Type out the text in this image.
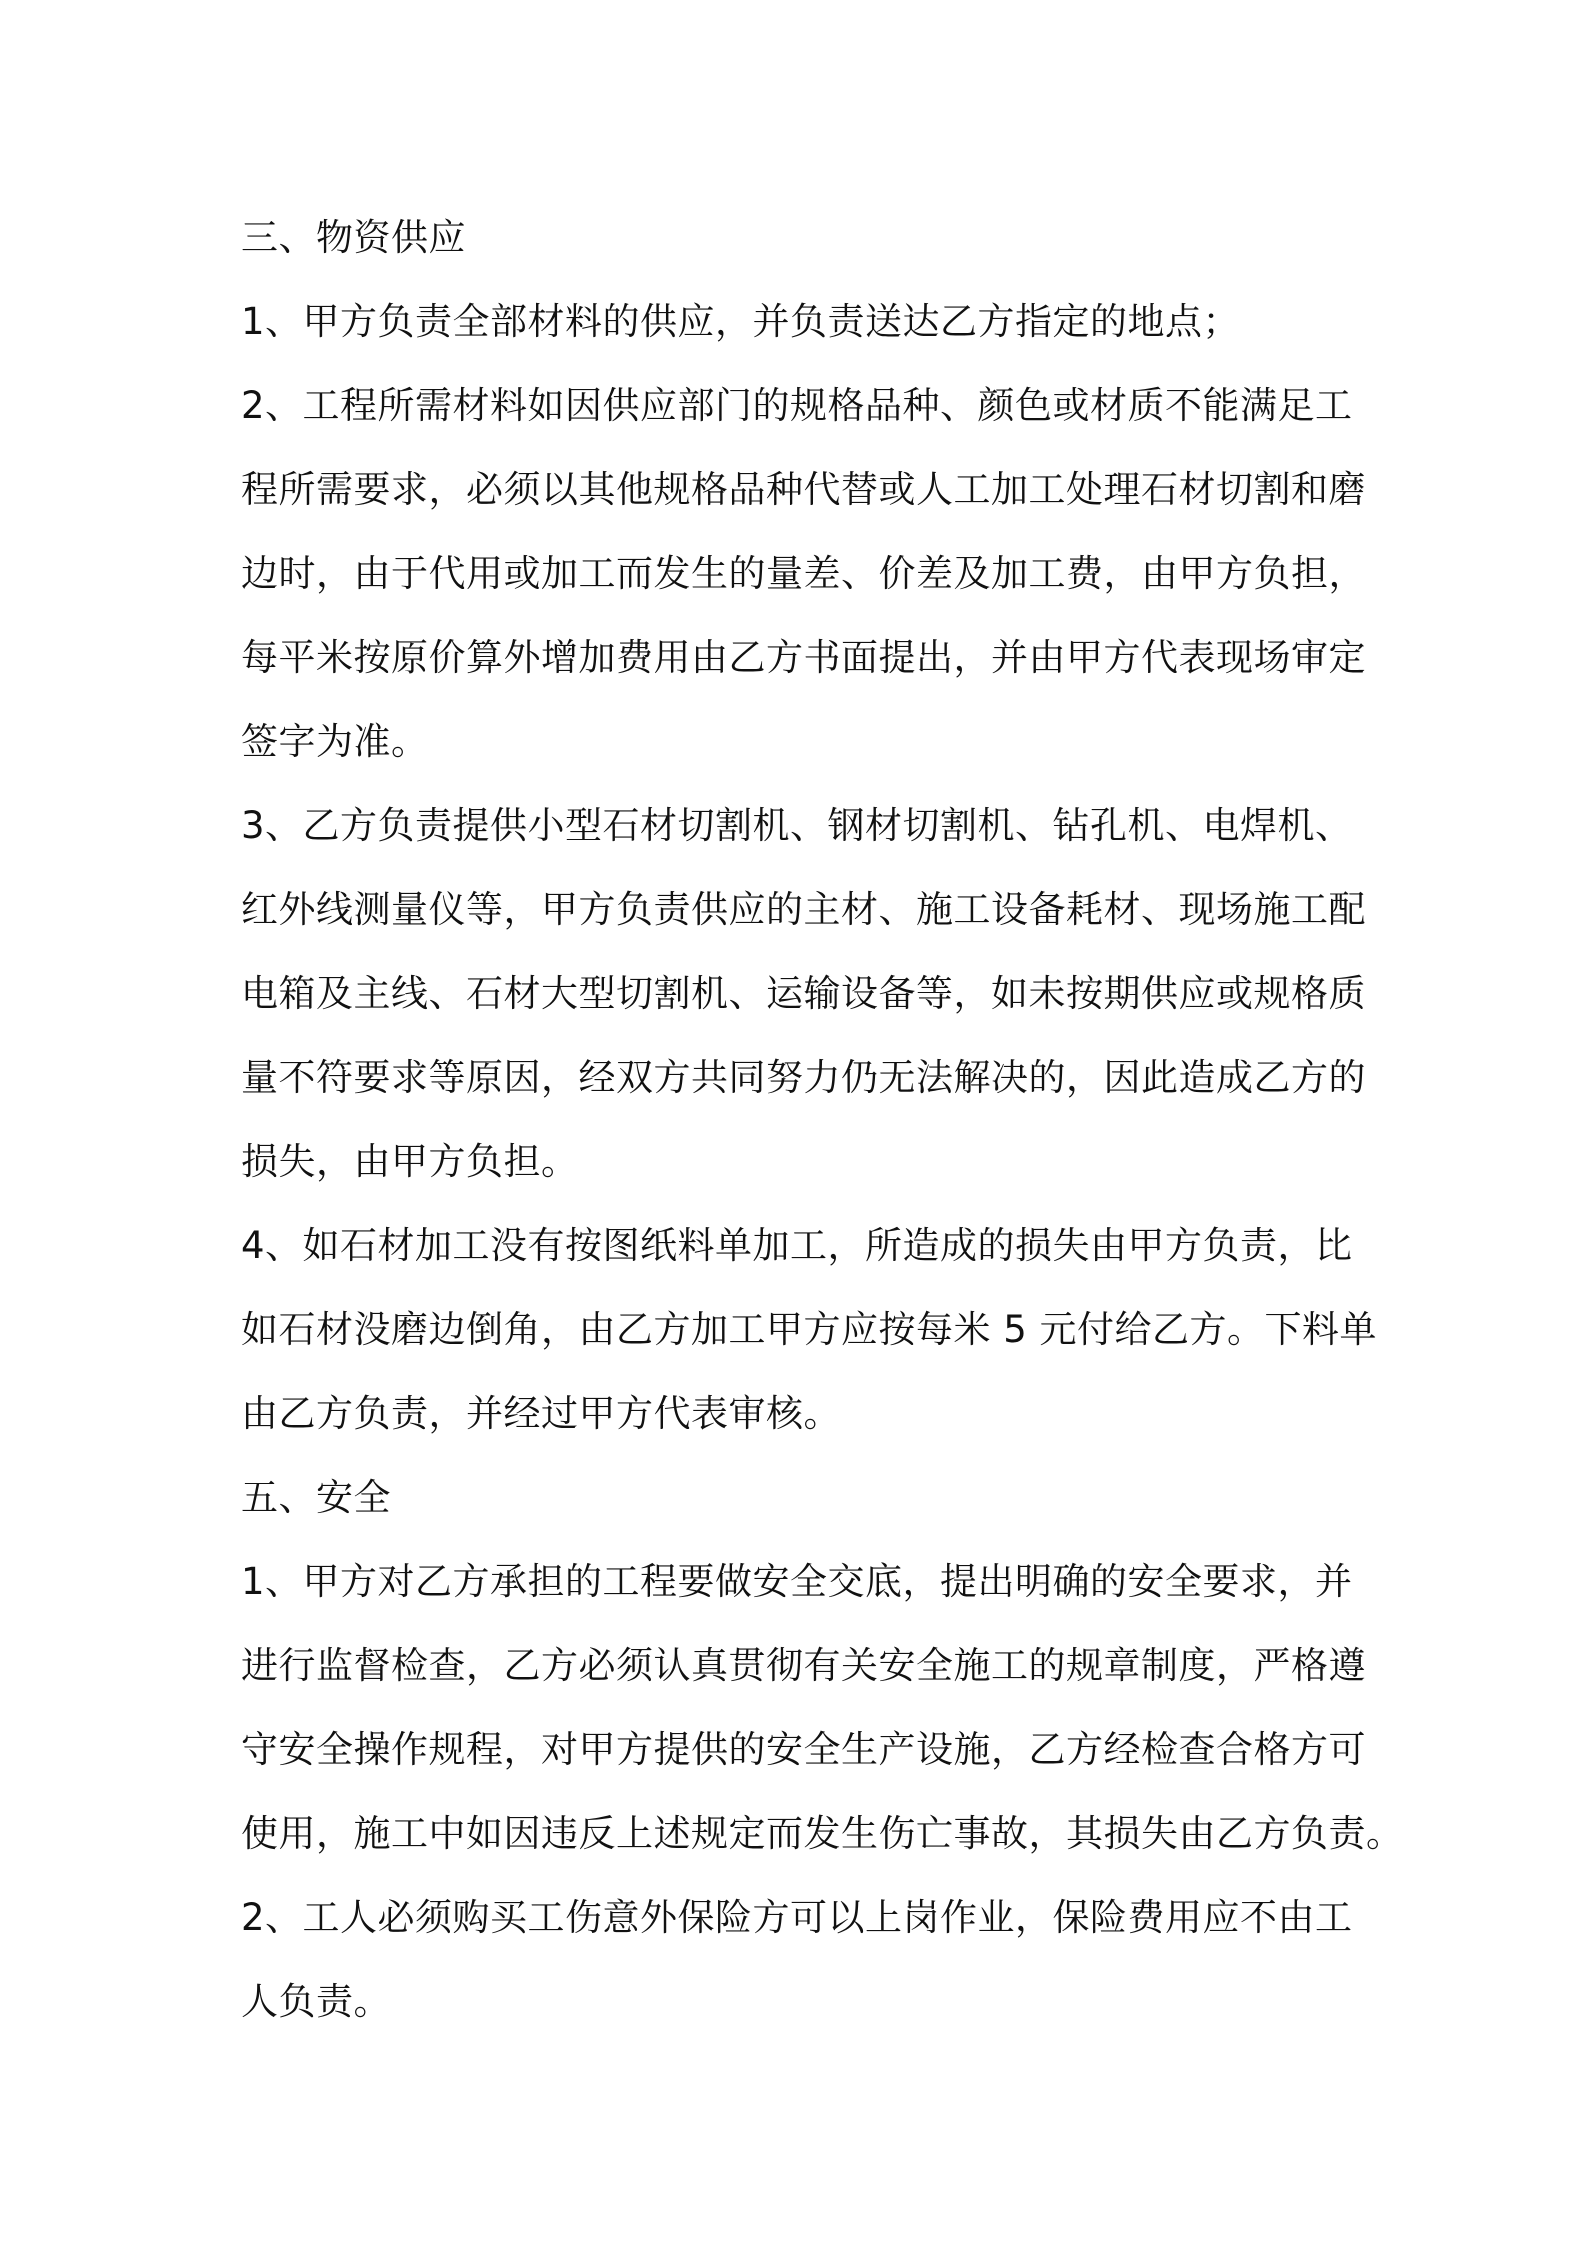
三、物资供应
1、甲方负责全部材料的供应，并负责送达乙方指定的地点；
2、工程所需材料如因供应部门的规格品种、颜色或材质不能满足工
程所需要求，必须以其他规格品种代替或人工加工处理石材切割和磨
边时，由于代用或加工而发生的量差、价差及加工费，由甲方负担，
每平米按原价算外增加费用由乙方书面提出，并由甲方代表现场审定
签字为准。
3、乙方负责提供小型石材切割机、钢材切割机、钻孔机、电焊机、
红外线测量仪等，甲方负责供应的主材、施工设备耗材、现场施工配
电箱及主线、石材大型切割机、运输设备等，如未按期供应或规格质
量不符要求等原因，经双方共同努力仍无法解决的，因此造成乙方的
损失，由甲方负担。
4、如石材加工没有按图纸料单加工，所造成的损失由甲方负责，比
如石材没磨边倒角，由乙方加工甲方应按每米 5 元付给乙方。下料单
由乙方负责，并经过甲方代表审核。
五、安全
1、甲方对乙方承担的工程要做安全交底，提出明确的安全要求，并
进行监督检查，乙方必须认真贯彻有关安全施工的规章制度，严格遵
守安全操作规程，对甲方提供的安全生产设施，乙方经检查合格方可
使用，施工中如因违反上述规定而发生伤亡事故，其损失由乙方负责。
2、工人必须购买工伤意外保险方可以上岗作业，保险费用应不由工
人负责。
